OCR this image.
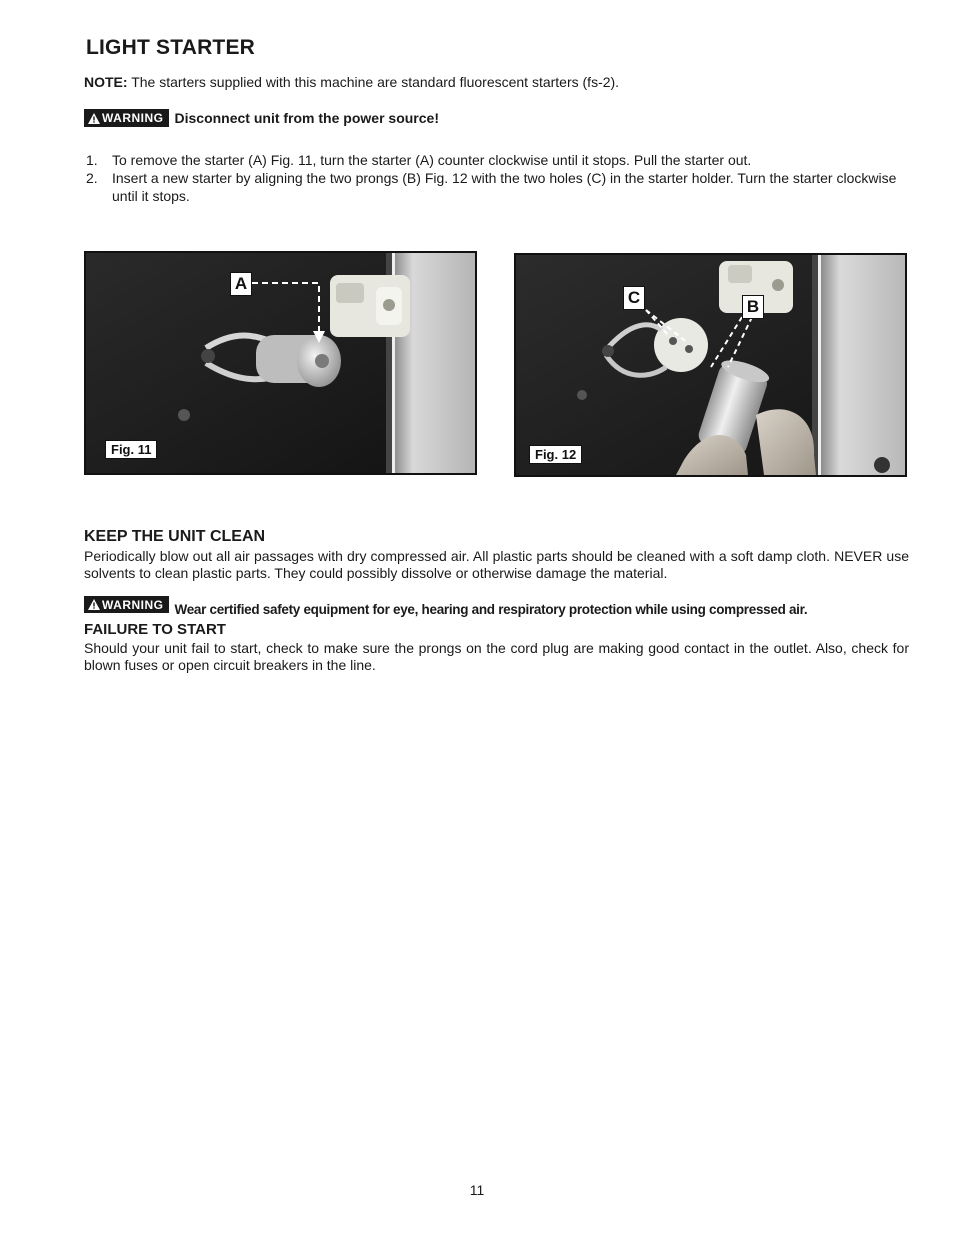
LIGHT STARTER
NOTE: The starters supplied with this machine are standard fluorescent starters (fs-2).
WARNING Disconnect unit from the power source!
1. To remove the starter (A) Fig. 11, turn the starter (A) counter clockwise until it stops. Pull the starter out.
2. Insert a new starter by aligning the two prongs (B) Fig. 12 with the two holes (C) in the starter holder. Turn the starter clockwise until it stops.
A
Fig. 11
C	B
Fig. 12
KEEP THE UNIT CLEAN
Periodically blow out all air passages with dry compressed air. All plastic parts should be cleaned with a soft damp cloth. NEVER use solvents to clean plastic parts. They could possibly dissolve or otherwise damage the material.
WARNING Wear certified safety equipment for eye, hearing and respiratory protection while using compressed air.
FAILURE TO START
Should your unit fail to start, check to make sure the prongs on the cord plug are making good contact in the outlet. Also, check for blown fuses or open circuit breakers in the line.
11
